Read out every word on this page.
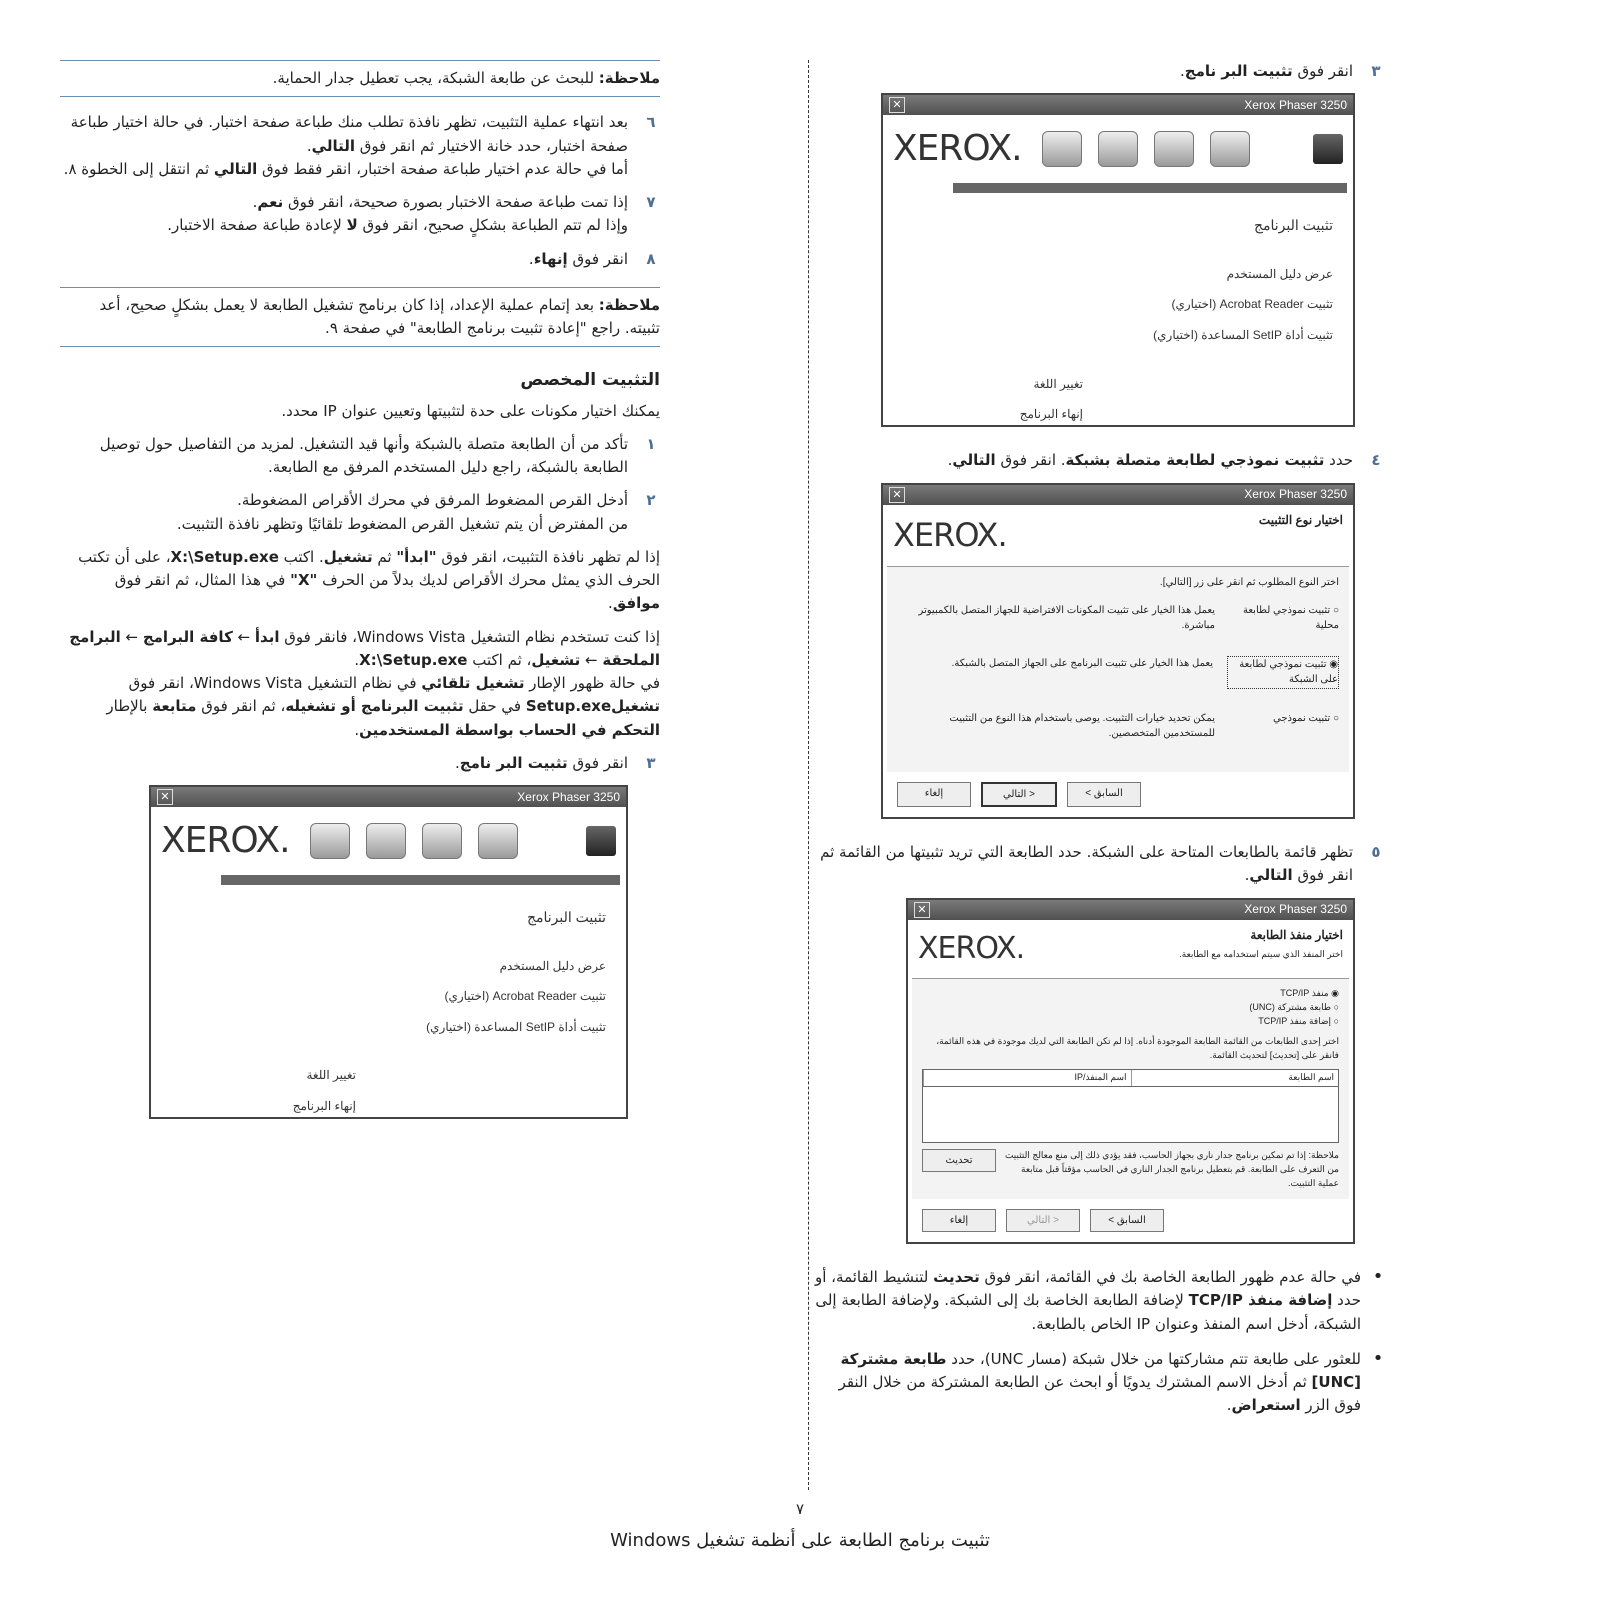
٣
انقر فوق تثبيت البر نامج.
✕	Xerox Phaser 3250
XEROX.
تثبيت البرنامج
عرض دليل المستخدم
تثبيت Acrobat Reader (اختياري)
تثبيت أداة SetIP المساعدة (اختياري)
تغيير اللغة
إنهاء البرنامج
٤
حدد تثبيت نموذجي لطابعة متصلة بشبكة. انقر فوق التالي.
✕	Xerox Phaser 3250
XEROX.	اختيار نوع التثبيت
اختر النوع المطلوب ثم انقر على زر [التالي].
○ تثبيت نموذجي لطابعة محلية
يعمل هذا الخيار على تثبيت المكونات الافتراضية للجهاز المتصل بالكمبيوتر مباشرة.
◉ تثبيت نموذجي لطابعة على الشبكة
يعمل هذا الخيار على تثبيت البرنامج على الجهاز المتصل بالشبكة.
○ تثبيت نموذجي
يمكن تحديد خيارات التثبيت. يوصى باستخدام هذا النوع من التثبيت للمستخدمين المتخصصين.
إلغاء	< التالي	السابق >
٥
تظهر قائمة بالطابعات المتاحة على الشبكة. حدد الطابعة التي تريد تثبيتها من القائمة ثم انقر فوق التالي.
✕	Xerox Phaser 3250
XEROX.	اختيار منفذ الطابعة
اختر المنفذ الذي سيتم استخدامه مع الطابعة.
◉ منفذ TCP/IP
○ طابعة مشتركة (UNC)
○ إضافة منفذ TCP/IP
اختر إحدى الطابعات من القائمة الطابعة الموجودة أدناه. إذا لم تكن الطابعة التي لديك موجودة في هذه القائمة، فانقر على [تحديث] لتحديث القائمة.
اسم الطابعة
اسم المنفذ/IP
ملاحظة: إذا تم تمكين برنامج جدار ناري بجهاز الحاسب، فقد يؤدي ذلك إلى منع معالج التثبيت من التعرف على الطابعة. قم بتعطيل برنامج الجدار الناري في الحاسب مؤقتاً قبل متابعة عملية التثبيت.
تحديث
إلغاء	< التالي	السابق >
•
في حالة عدم ظهور الطابعة الخاصة بك في القائمة، انقر فوق تحديث لتنشيط القائمة، أو حدد إضافة منفذ TCP/IP لإضافة الطابعة الخاصة بك إلى الشبكة. ولإضافة الطابعة إلى الشبكة، أدخل اسم المنفذ وعنوان IP الخاص بالطابعة.
•
للعثور على طابعة تتم مشاركتها من خلال شبكة (مسار UNC)، حدد طابعة مشتركة [UNC] ثم أدخل الاسم المشترك يدويًا أو ابحث عن الطابعة المشتركة من خلال النقر فوق الزر استعراض.
ملاحظة: للبحث عن طابعة الشبكة، يجب تعطيل جدار الحماية.
٦
بعد انتهاء عملية التثبيت، تظهر نافذة تطلب منك طباعة صفحة اختبار. في حالة اختيار طباعة صفحة اختبار، حدد خانة الاختيار ثم انقر فوق التالي.
أما في حالة عدم اختيار طباعة صفحة اختبار، انقر فقط فوق التالي ثم انتقل إلى الخطوة ٨.
٧
إذا تمت طباعة صفحة الاختبار بصورة صحيحة، انقر فوق نعم.
وإذا لم تتم الطباعة بشكلٍ صحيح، انقر فوق لا لإعادة طباعة صفحة الاختبار.
٨
انقر فوق إنهاء.
ملاحظة: بعد إتمام عملية الإعداد، إذا كان برنامج تشغيل الطابعة لا يعمل بشكلٍ صحيح، أعد تثبيته. راجع "إعادة تثبيت برنامج الطابعة" في صفحة ٩.
التثبيت المخصص
يمكنك اختيار مكونات على حدة لتثبيتها وتعيين عنوان IP محدد.
١
تأكد من أن الطابعة متصلة بالشبكة وأنها قيد التشغيل. لمزيد من التفاصيل حول توصيل الطابعة بالشبكة، راجع دليل المستخدم المرفق مع الطابعة.
٢
أدخل القرص المضغوط المرفق في محرك الأقراص المضغوطة.
من المفترض أن يتم تشغيل القرص المضغوط تلقائيًا وتظهر نافذة التثبيت.
إذا لم تظهر نافذة التثبيت، انقر فوق "ابدأ" ثم تشغيل. اكتب X:\Setup.exe، على أن تكتب الحرف الذي يمثل محرك الأقراص لديك بدلاً من الحرف "X" في هذا المثال، ثم انقر فوق موافق.
إذا كنت تستخدم نظام التشغيل Windows Vista، فانقر فوق ابدأ ← كافة البرامج ← البرامج الملحقة ← تشغيل، ثم اكتب X:\Setup.exe.
في حالة ظهور الإطار تشغيل تلقائي في نظام التشغيل Windows Vista، انقر فوق تشغيلSetup.exe في حقل تثبيت البرنامج أو تشغيله، ثم انقر فوق متابعة بالإطار التحكم في الحساب بواسطة المستخدمين.
٣
انقر فوق تثبيت البر نامج.
✕	Xerox Phaser 3250
XEROX.
تثبيت البرنامج
عرض دليل المستخدم
تثبيت Acrobat Reader (اختياري)
تثبيت أداة SetIP المساعدة (اختياري)
تغيير اللغة
إنهاء البرنامج
٧
تثبيت برنامج الطابعة على أنظمة تشغيل Windows
